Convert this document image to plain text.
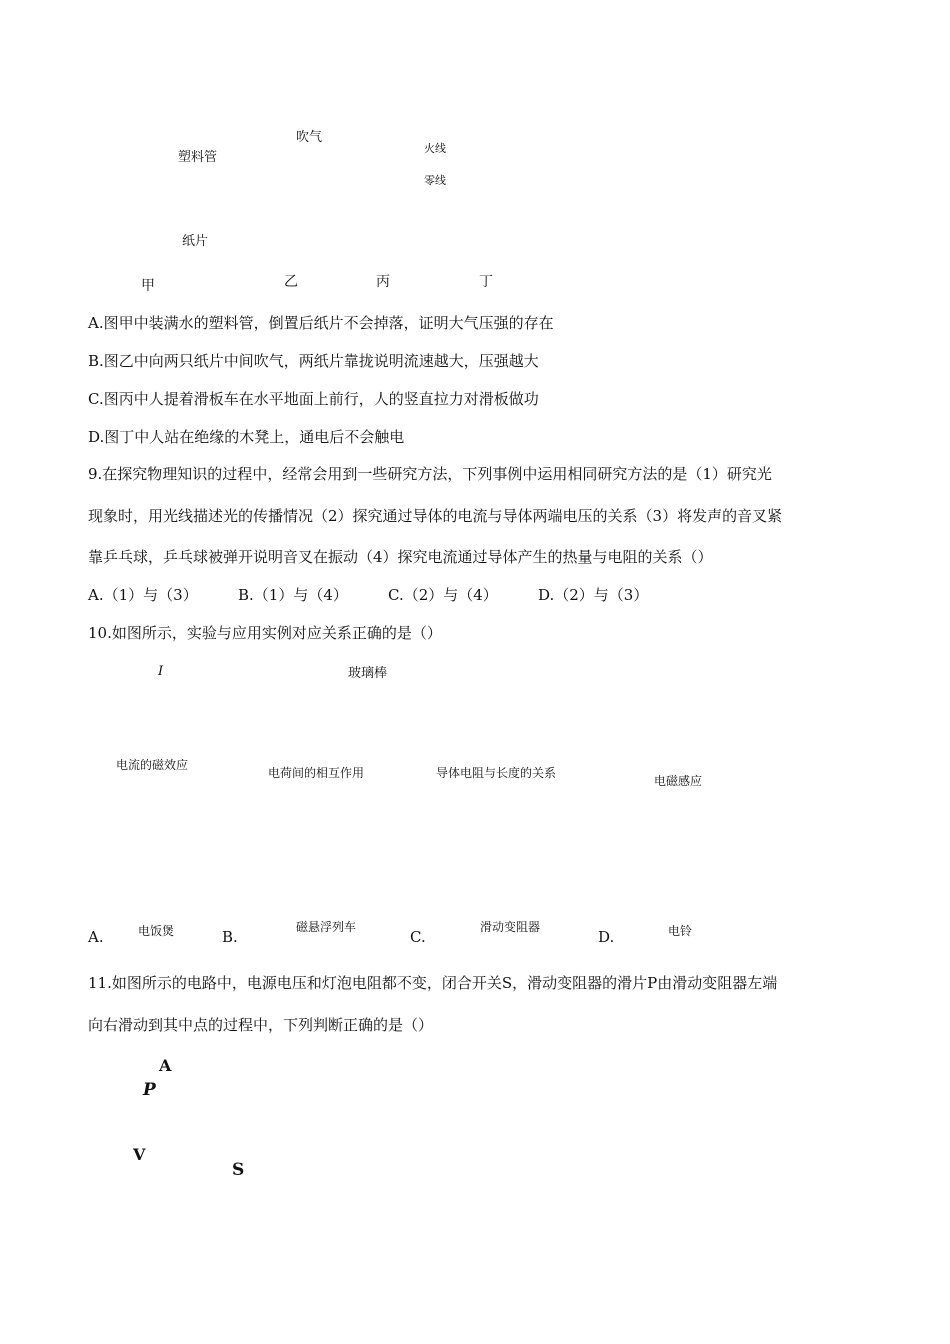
塑料管
纸片
吹气
火线
零线
甲	乙	丙	丁
A.图甲中装满水的塑料管，倒置后纸片不会掉落，证明大气压强的存在
B.图乙中向两只纸片中间吹气，两纸片靠拢说明流速越大，压强越大
C.图丙中人提着滑板车在水平地面上前行，人的竖直拉力对滑板做功
D.图丁中人站在绝缘的木凳上，通电后不会触电
9.在探究物理知识的过程中，经常会用到一些研究方法，下列事例中运用相同研究方法的是（1）研究光
现象时，用光线描述光的传播情况（2）探究通过导体的电流与导体两端电压的关系（3）将发声的音叉紧
靠乒乓球，乒乓球被弹开说明音叉在振动（4）探究电流通过导体产生的热量与电阻的关系（）
A.（1）与（3）	B.（1）与（4）	C.（2）与（4）	D.（2）与（3）
10.如图所示，实验与应用实例对应关系正确的是（）
I	玻璃棒
电流的磁效应
电荷间的相互作用	导体电阻与长度的关系
电磁感应
A.	电饭煲	B.
磁悬浮列车
C.
滑动变阻器
D.	电铃
11.如图所示的电路中，电源电压和灯泡电阻都不变，闭合开关S，滑动变阻器的滑片P由滑动变阻器左端
向右滑动到其中点的过程中，下列判断正确的是（）
A
V
P
S
